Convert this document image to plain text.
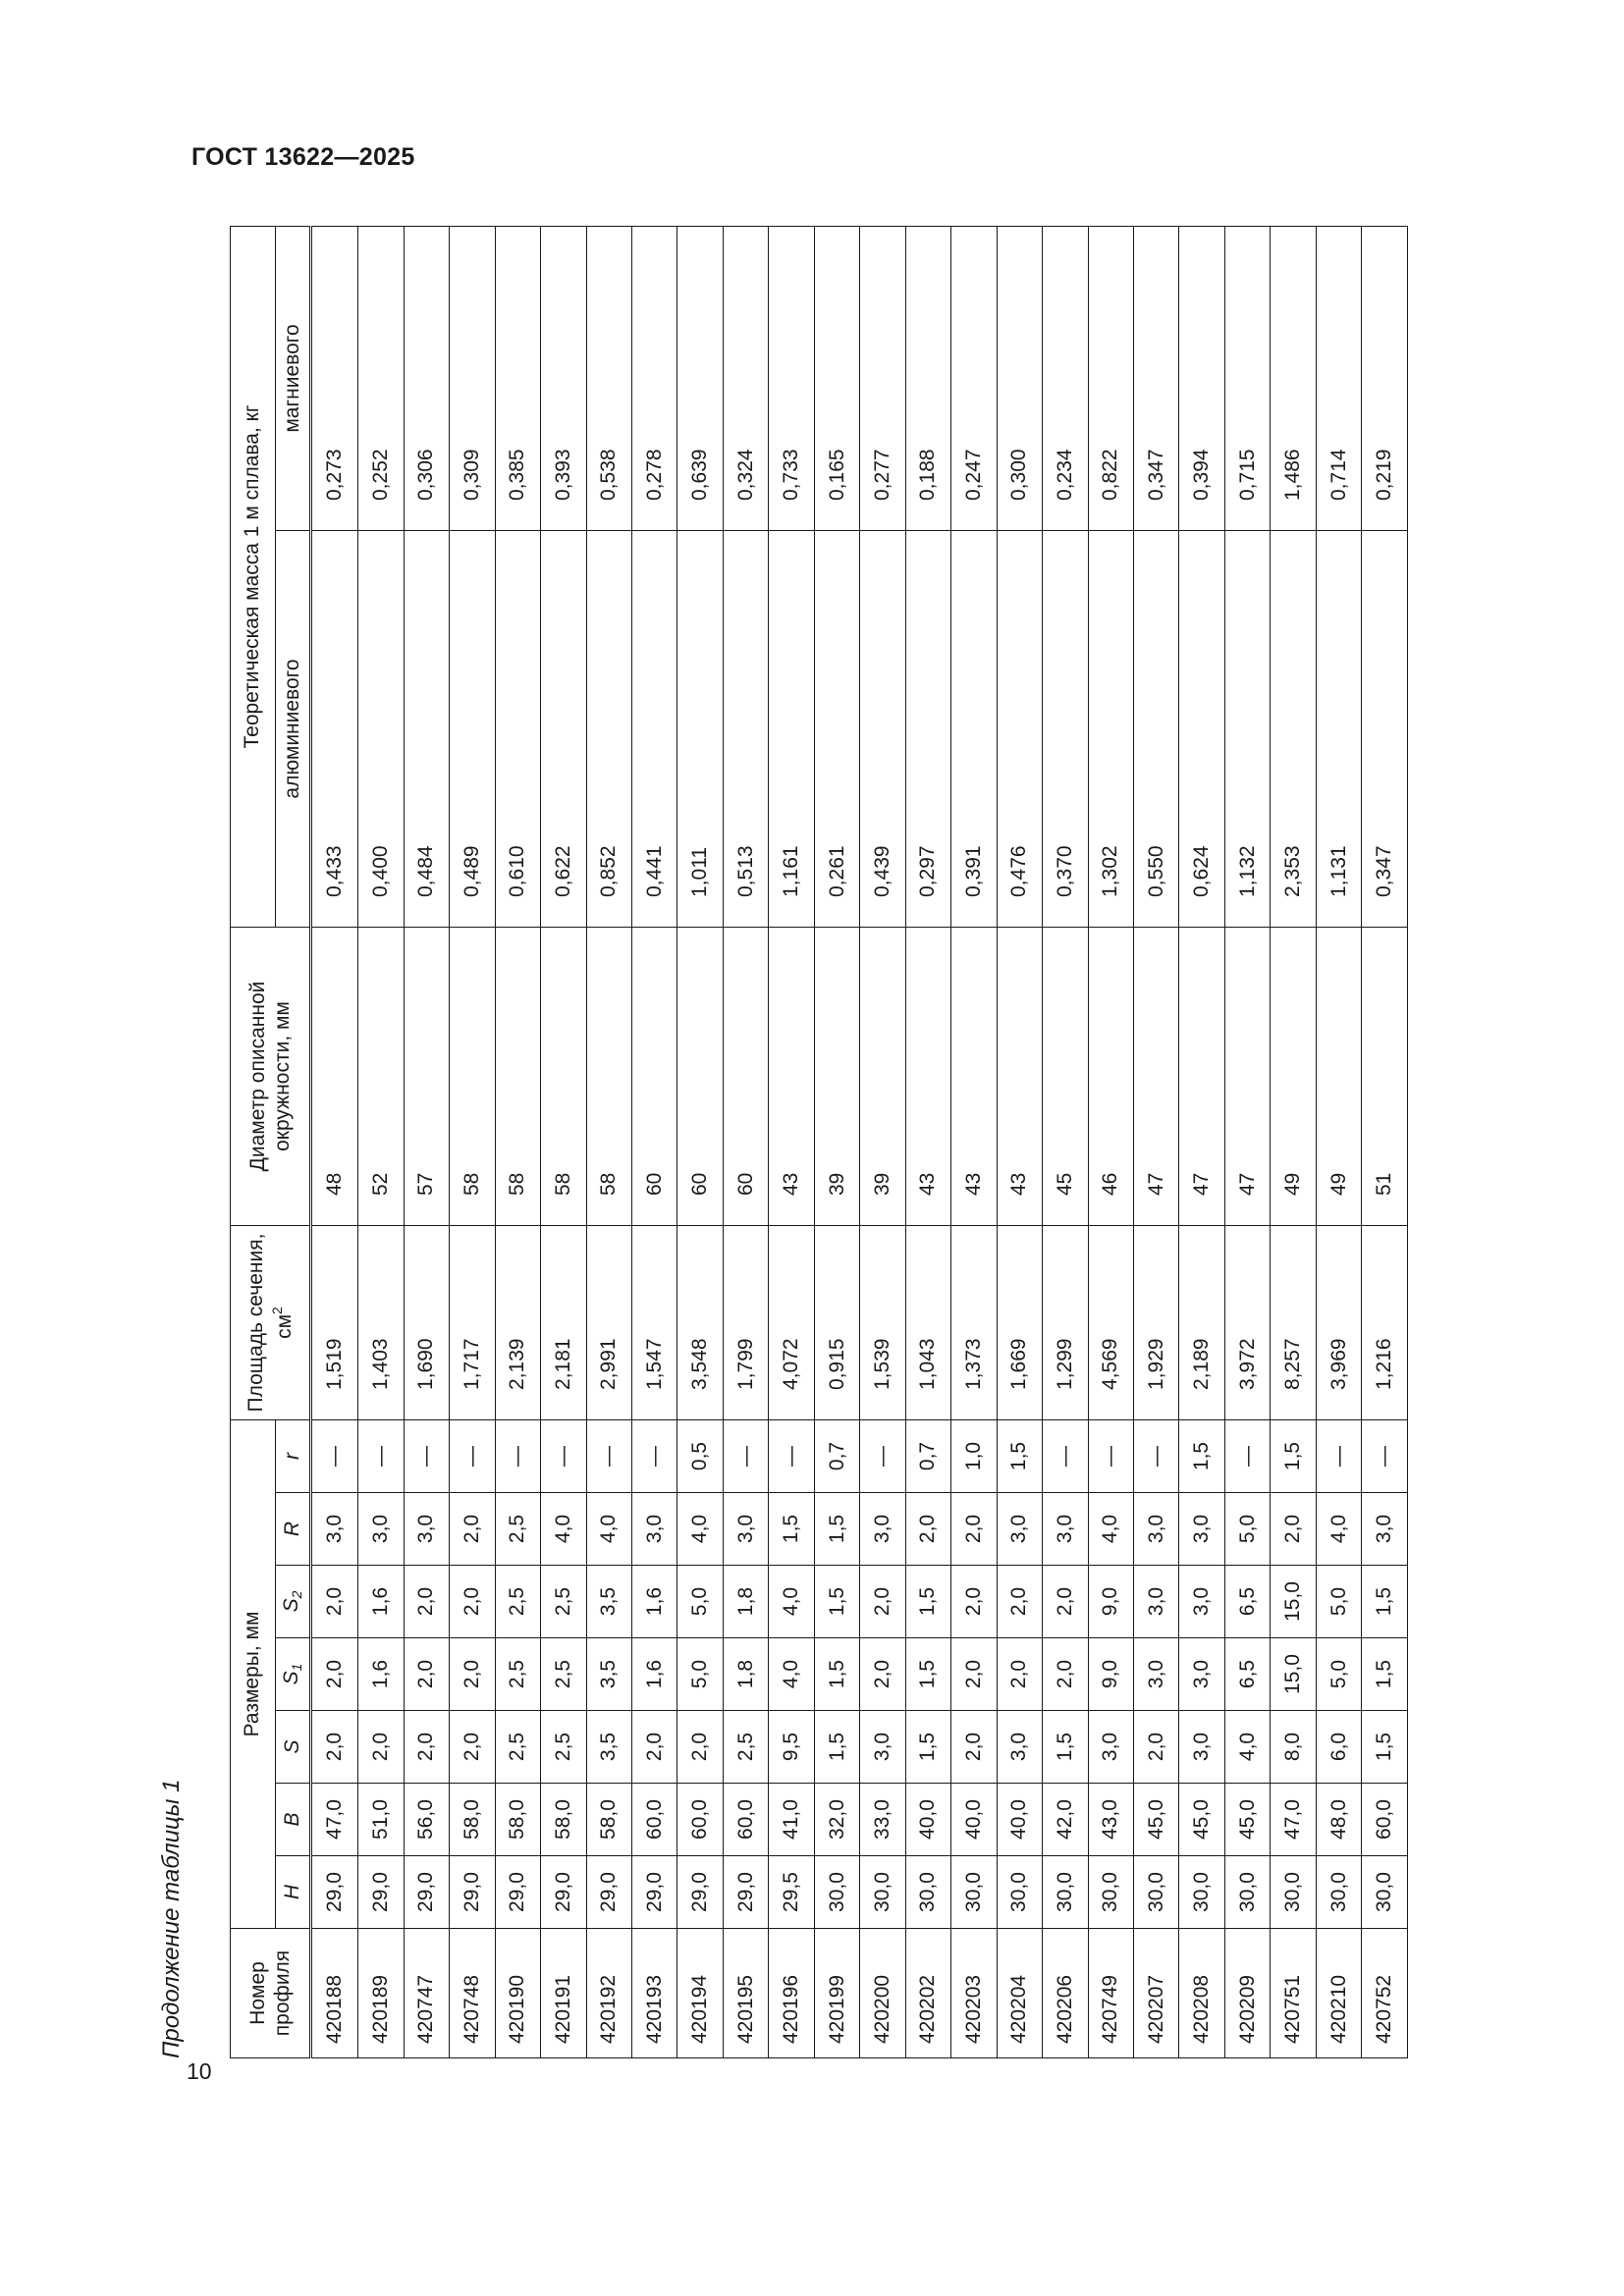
ГОСТ 13622—2025
10
Продолжение таблицы 1	Номер профиля	Размеры, мм							Площадь сечения, $см^2$	Диаметр описанной окружности, мм	Теоретическая масса 1 м сплава, кг	
	H	B	S	$S_1$	$S_2$	R	r			алюминиевого	магниевого
420188	29,0	47,0	2,0	2,0	2,0	3,0	—	1,519	48	0,433	0,273
420189	29,0	51,0	2,0	1,6	1,6	3,0	—	1,403	52	0,400	0,252
420747	29,0	56,0	2,0	2,0	2,0	3,0	—	1,690	57	0,484	0,306
420748	29,0	58,0	2,0	2,0	2,0	2,0	—	1,717	58	0,489	0,309
420190	29,0	58,0	2,5	2,5	2,5	2,5	—	2,139	58	0,610	0,385
420191	29,0	58,0	2,5	2,5	2,5	4,0	—	2,181	58	0,622	0,393
420192	29,0	58,0	3,5	3,5	3,5	4,0	—	2,991	58	0,852	0,538
420193	29,0	60,0	2,0	1,6	1,6	3,0	—	1,547	60	0,441	0,278
420194	29,0	60,0	2,0	5,0	5,0	4,0	0,5	3,548	60	1,011	0,639
420195	29,0	60,0	2,5	1,8	1,8	3,0	—	1,799	60	0,513	0,324
420196	29,5	41,0	9,5	4,0	4,0	1,5	—	4,072	43	1,161	0,733
420199	30,0	32,0	1,5	1,5	1,5	1,5	0,7	0,915	39	0,261	0,165
420200	30,0	33,0	3,0	2,0	2,0	3,0	—	1,539	39	0,439	0,277
420202	30,0	40,0	1,5	1,5	1,5	2,0	0,7	1,043	43	0,297	0,188
420203	30,0	40,0	2,0	2,0	2,0	2,0	1,0	1,373	43	0,391	0,247
420204	30,0	40,0	3,0	2,0	2,0	3,0	1,5	1,669	43	0,476	0,300
420206	30,0	42,0	1,5	2,0	2,0	3,0	—	1,299	45	0,370	0,234
420749	30,0	43,0	3,0	9,0	9,0	4,0	—	4,569	46	1,302	0,822
420207	30,0	45,0	2,0	3,0	3,0	3,0	—	1,929	47	0,550	0,347
420208	30,0	45,0	3,0	3,0	3,0	3,0	1,5	2,189	47	0,624	0,394
420209	30,0	45,0	4,0	6,5	6,5	5,0	—	3,972	47	1,132	0,715
420751	30,0	47,0	8,0	15,0	15,0	2,0	1,5	8,257	49	2,353	1,486
420210	30,0	48,0	6,0	5,0	5,0	4,0	—	3,969	49	1,131	0,714
420752	30,0	60,0	1,5	1,5	1,5	3,0	—	1,216	51	0,347	0,219
